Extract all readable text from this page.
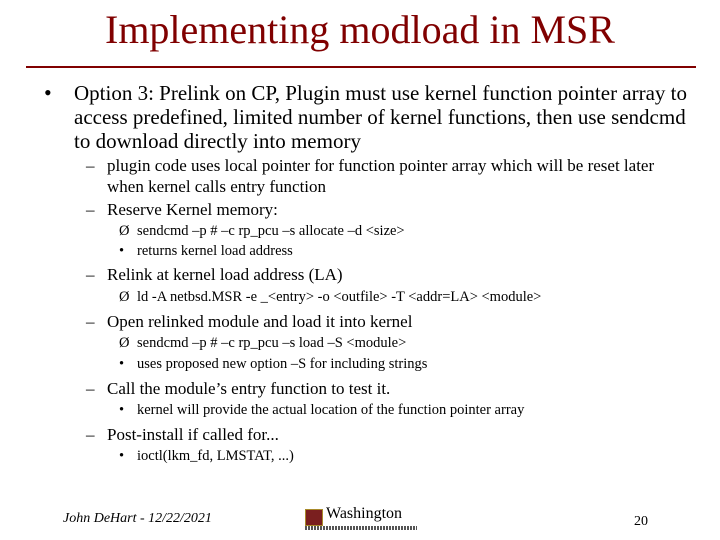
Implementing modload in MSR
• Option 3: Prelink on CP, Plugin must use kernel function pointer array to access predefined, limited number of kernel functions, then use sendcmd to download directly into memory
– plugin code uses local pointer for function pointer array which will be reset later when kernel calls entry function
– Reserve Kernel memory:
Ø sendcmd –p # –c rp_pcu –s allocate –d <size>
• returns kernel load address
– Relink at kernel load address (LA)
Ø ld -A netbsd.MSR -e _<entry> -o <outfile> -T <addr=LA> <module>
– Open relinked module and load it into kernel
Ø sendcmd –p # –c rp_pcu –s load –S <module>
• uses proposed new option –S for including strings
– Call the module’s entry function to test it.
• kernel will provide the actual location of the function pointer array
– Post-install if called for...
• ioctl(lkm_fd, LMSTAT, ...)
John DeHart - 12/22/2021	Washington	20
